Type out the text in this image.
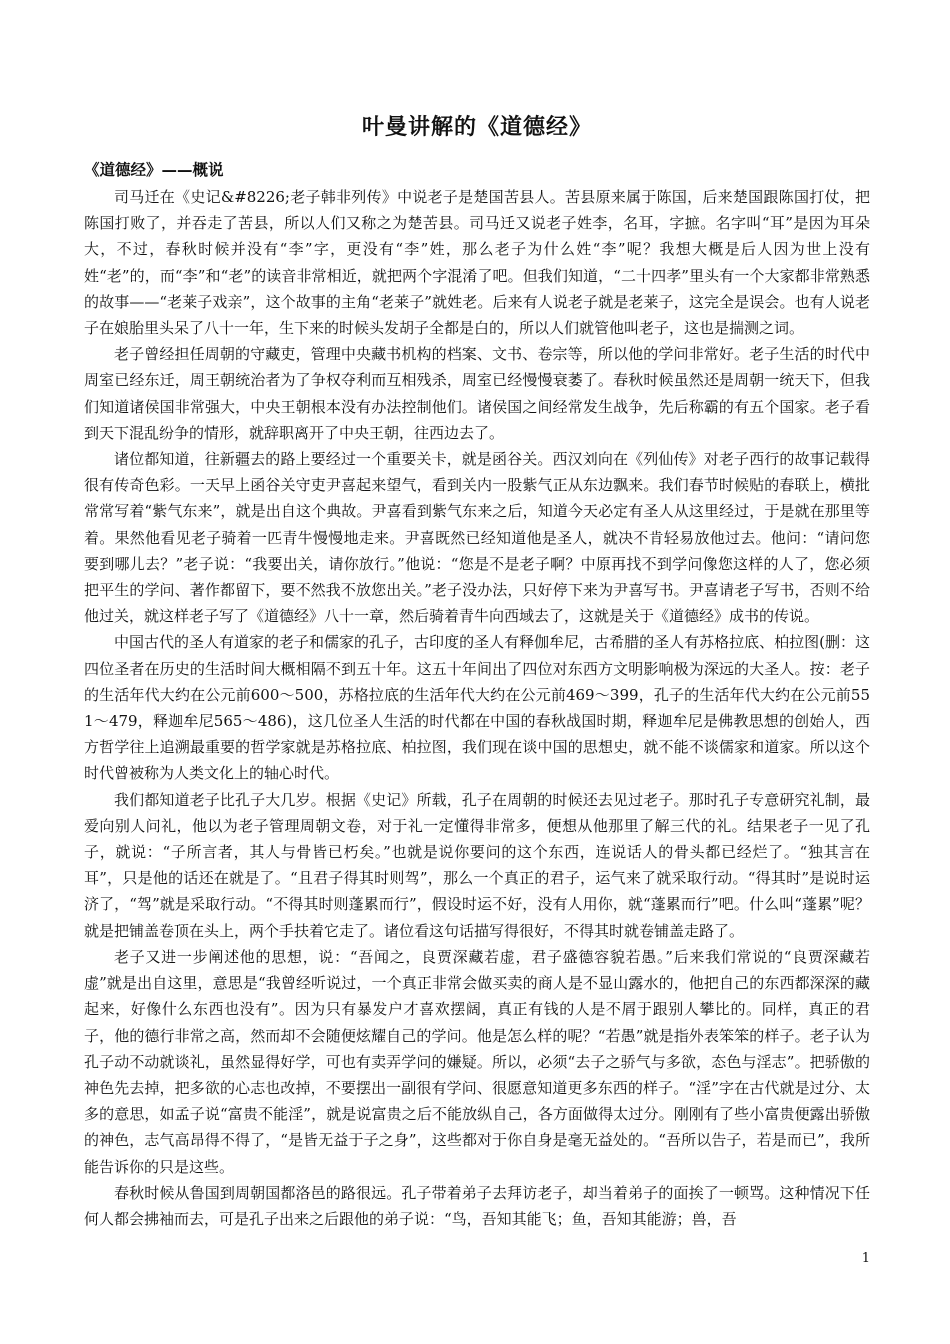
叶曼讲解的《道德经》
《道德经》——概说

司马迁在《史记&#8226;老子韩非列传》中说老子是楚国苦县人。苦县原来属于陈国，后来楚国跟陈国打仗，把陈国打败了，并吞走了苦县，所以人们又称之为楚苦县。司马迁又说老子姓李，名耳，字摭。名字叫“耳”是因为耳朵大，不过，春秋时候并没有“李”字，更没有“李”姓，那么老子为什么姓“李”呢？我想大概是后人因为世上没有姓“老”的，而“李”和“老”的读音非常相近，就把两个字混淆了吧。但我们知道，“二十四孝”里头有一个大家都非常熟悉的故事——“老莱子戏亲”，这个故事的主角“老莱子”就姓老。后来有人说老子就是老莱子，这完全是误会。也有人说老子在娘胎里头呆了八十一年，生下来的时候头发胡子全都是白的，所以人们就管他叫老子，这也是揣测之词。

老子曾经担任周朝的守藏吏，管理中央藏书机构的档案、文书、卷宗等，所以他的学问非常好。老子生活的时代中周室已经东迁，周王朝统治者为了争权夺利而互相残杀，周室已经慢慢衰萎了。春秋时候虽然还是周朝一统天下，但我们知道诸侯国非常强大，中央王朝根本没有办法控制他们。诸侯国之间经常发生战争，先后称霸的有五个国家。老子看到天下混乱纷争的情形，就辞职离开了中央王朝，往西边去了。

诸位都知道，往新疆去的路上要经过一个重要关卡，就是函谷关。西汉刘向在《列仙传》对老子西行的故事记载得很有传奇色彩。一天早上函谷关守吏尹喜起来望气，看到关内一股紫气正从东边飘来。我们春节时候贴的春联上，横批常常写着“紫气东来”，就是出自这个典故。尹喜看到紫气东来之后，知道今天必定有圣人从这里经过，于是就在那里等着。果然他看见老子骑着一匹青牛慢慢地走来。尹喜既然已经知道他是圣人，就决不肯轻易放他过去。他问：“请问您要到哪儿去？”老子说：“我要出关，请你放行。”他说：“您是不是老子啊？中原再找不到学问像您这样的人了，您必须把平生的学问、著作都留下，要不然我不放您出关。”老子没办法，只好停下来为尹喜写书。尹喜请老子写书，否则不给他过关，就这样老子写了《道德经》八十一章，然后骑着青牛向西域去了，这就是关于《道德经》成书的传说。

中国古代的圣人有道家的老子和儒家的孔子，古印度的圣人有释伽牟尼，古希腊的圣人有苏格拉底、柏拉图(删：这四位圣者在历史的生活时间大概相隔不到五十年。这五十年间出了四位对东西方文明影响极为深远的大圣人。按：老子的生活年代大约在公元前600～500，苏格拉底的生活年代大约在公元前469～399，孔子的生活年代大约在公元前551～479，释迦牟尼565～486)，这几位圣人生活的时代都在中国的春秋战国时期，释迦牟尼是佛教思想的创始人，西方哲学往上追溯最重要的哲学家就是苏格拉底、柏拉图，我们现在谈中国的思想史，就不能不谈儒家和道家。所以这个时代曾被称为人类文化上的轴心时代。

我们都知道老子比孔子大几岁。根据《史记》所载，孔子在周朝的时候还去见过老子。那时孔子专意研究礼制，最爱向别人问礼，他以为老子管理周朝文卷，对于礼一定懂得非常多，便想从他那里了解三代的礼。结果老子一见了孔子，就说：“子所言者，其人与骨皆已朽矣。”也就是说你要问的这个东西，连说话人的骨头都已经烂了。“独其言在耳”，只是他的话还在就是了。“且君子得其时则驾”，那么一个真正的君子，运气来了就采取行动。“得其时”是说时运济了，“驾”就是采取行动。“不得其时则蓬累而行”，假设时运不好，没有人用你，就“蓬累而行”吧。什么叫“蓬累”呢？就是把铺盖卷顶在头上，两个手扶着它走了。诸位看这句话描写得很好，不得其时就卷铺盖走路了。

老子又进一步阐述他的思想，说：“吾闻之，良贾深藏若虚，君子盛德容貌若愚。”后来我们常说的“良贾深藏若虚”就是出自这里，意思是“我曾经听说过，一个真正非常会做买卖的商人是不显山露水的，他把自己的东西都深深的藏起来，好像什么东西也没有”。因为只有暴发户才喜欢摆阔，真正有钱的人是不屑于跟别人攀比的。同样，真正的君子，他的德行非常之高，然而却不会随便炫耀自己的学问。他是怎么样的呢？“若愚”就是指外表笨笨的样子。老子认为孔子动不动就谈礼，虽然显得好学，可也有卖弄学问的嫌疑。所以，必须“去子之骄气与多欲，态色与淫志”。把骄傲的神色先去掉，把多欲的心志也改掉，不要摆出一副很有学问、很愿意知道更多东西的样子。“淫”字在古代就是过分、太多的意思，如孟子说“富贵不能淫”，就是说富贵之后不能放纵自己，各方面做得太过分。刚刚有了些小富贵便露出骄傲的神色，志气高昂得不得了，“是皆无益于子之身”，这些都对于你自身是毫无益处的。“吾所以告子，若是而已”，我所能告诉你的只是这些。

春秋时候从鲁国到周朝国都洛邑的路很远。孔子带着弟子去拜访老子，却当着弟子的面挨了一顿骂。这种情况下任何人都会拂袖而去，可是孔子出来之后跟他的弟子说：“鸟，吾知其能飞；鱼，吾知其能游；兽，吾

1
